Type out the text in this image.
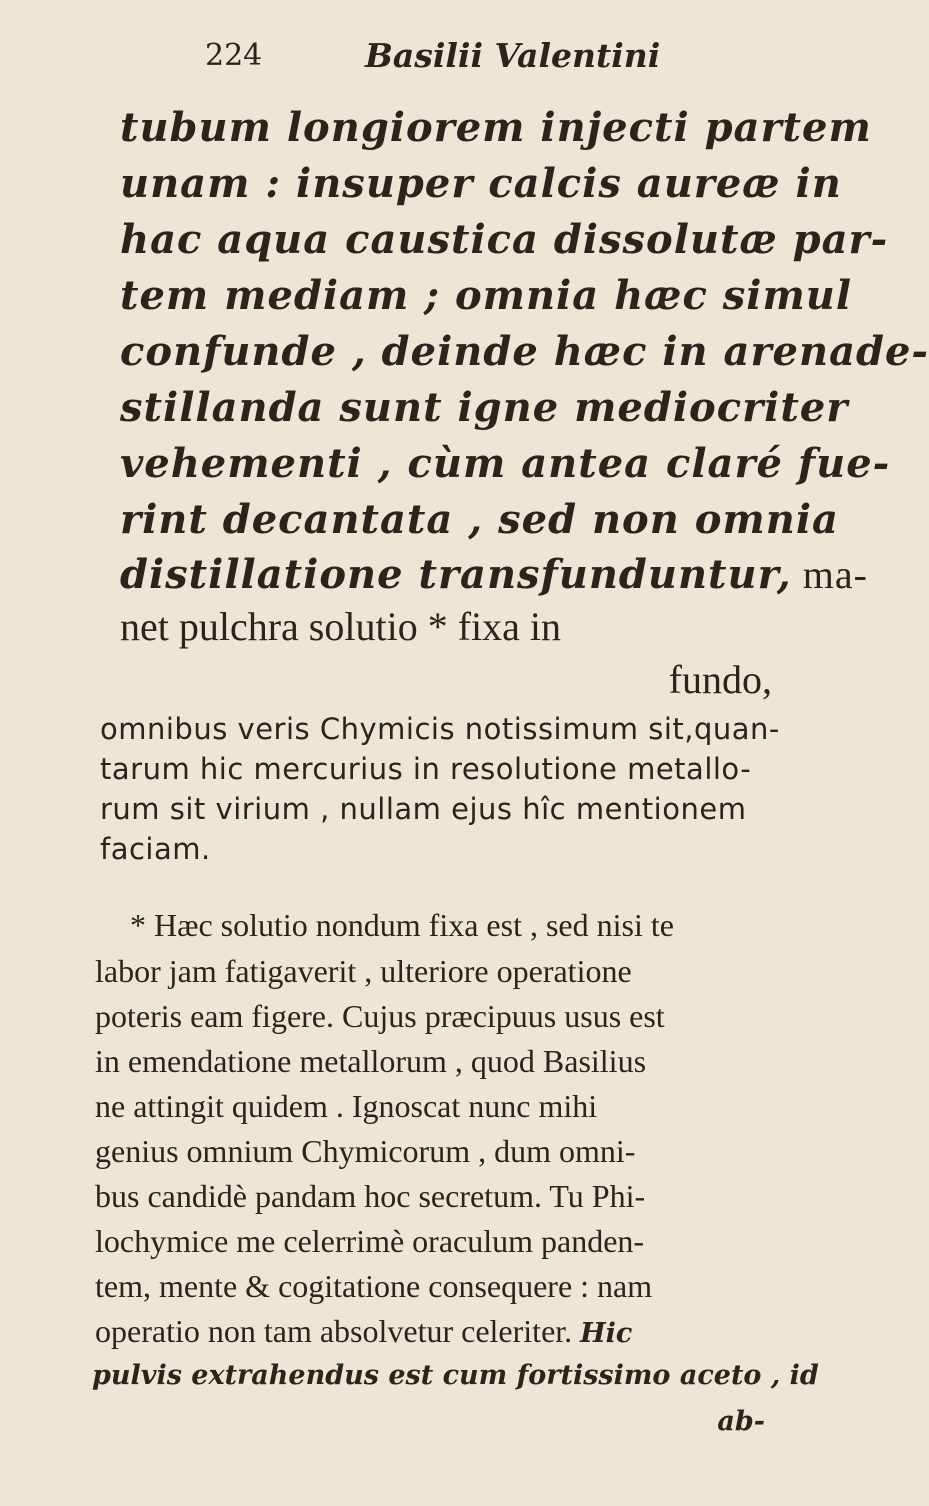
224	Basilii Valentini
tubum longiorem injecti partem
unam : insuper calcis aureæ in
hac aqua caustica dissolutæ par-
tem mediam ; omnia hæc simul
confunde , deinde hæc in arenade-
stillanda sunt igne mediocriter
vehementi , cùm antea claré fue-
rint decantata , sed non omnia
distillatione transfunduntur, ma-
net pulchra solutio * fixa in
fundo,
omnibus veris Chymicis notissimum sit,quan-
tarum hic mercurius in resolutione metallo-
rum sit virium , nullam ejus hîc mentionem
faciam.
* Hæc solutio nondum fixa est , sed nisi te
labor jam fatigaverit , ulteriore operatione
poteris eam figere. Cujus præcipuus usus est
in emendatione metallorum , quod Basilius
ne attingit quidem . Ignoscat nunc mihi
genius omnium Chymicorum , dum omni-
bus candidè pandam hoc secretum. Tu Phi-
lochymice me celerrimè oraculum panden-
tem, mente & cogitatione consequere : nam
operatio non tam absolvetur celeriter. Hic
pulvis extrahendus est cum fortissimo aceto , id
ab-
